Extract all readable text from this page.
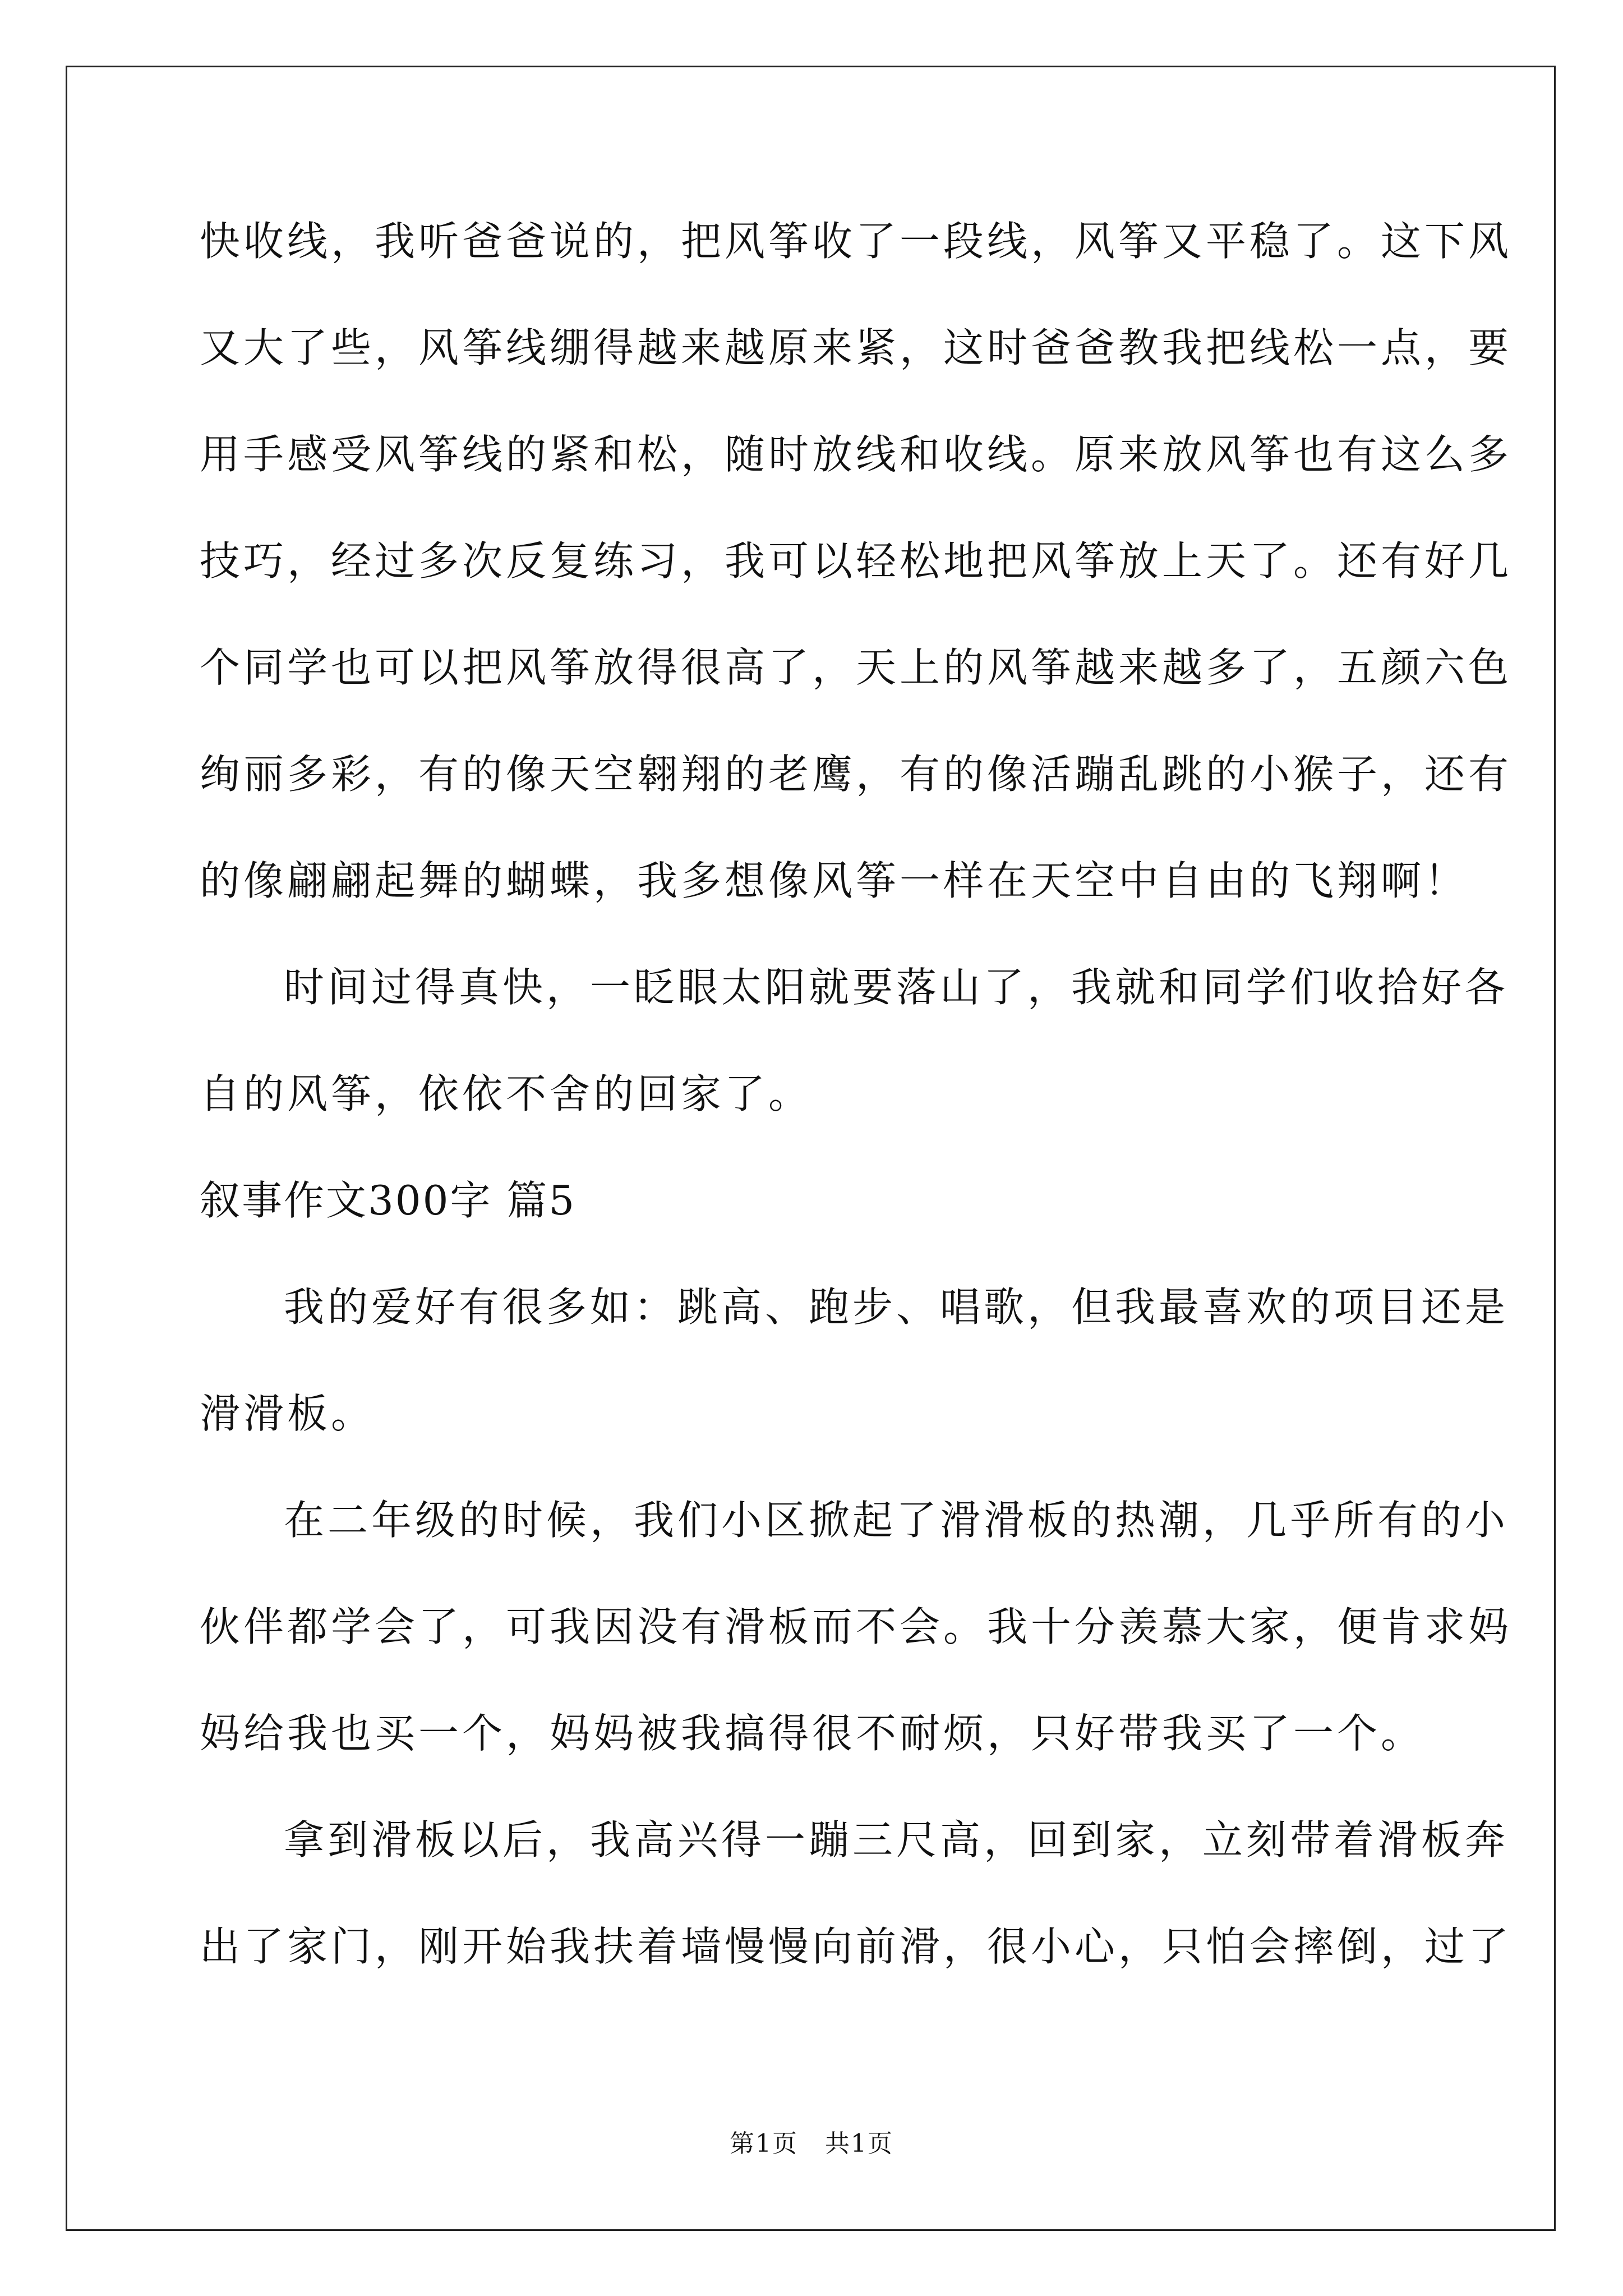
快收线，我听爸爸说的，把风筝收了一段线，风筝又平稳了。这下风
又大了些，风筝线绷得越来越原来紧，这时爸爸教我把线松一点，要
用手感受风筝线的紧和松，随时放线和收线。原来放风筝也有这么多
技巧，经过多次反复练习，我可以轻松地把风筝放上天了。还有好几
个同学也可以把风筝放得很高了，天上的风筝越来越多了，五颜六色
绚丽多彩，有的像天空翱翔的老鹰，有的像活蹦乱跳的小猴子，还有
的像翩翩起舞的蝴蝶，我多想像风筝一样在天空中自由的飞翔啊！
时间过得真快，一眨眼太阳就要落山了，我就和同学们收拾好各
自的风筝，依依不舍的回家了。
叙事作文300字 篇5
我的爱好有很多如：跳高、跑步、唱歌，但我最喜欢的项目还是
滑滑板。
在二年级的时候，我们小区掀起了滑滑板的热潮，几乎所有的小
伙伴都学会了，可我因没有滑板而不会。我十分羡慕大家，便肯求妈
妈给我也买一个，妈妈被我搞得很不耐烦，只好带我买了一个。
拿到滑板以后，我高兴得一蹦三尺高，回到家，立刻带着滑板奔
出了家门，刚开始我扶着墙慢慢向前滑，很小心，只怕会摔倒，过了
第1页   共1页
